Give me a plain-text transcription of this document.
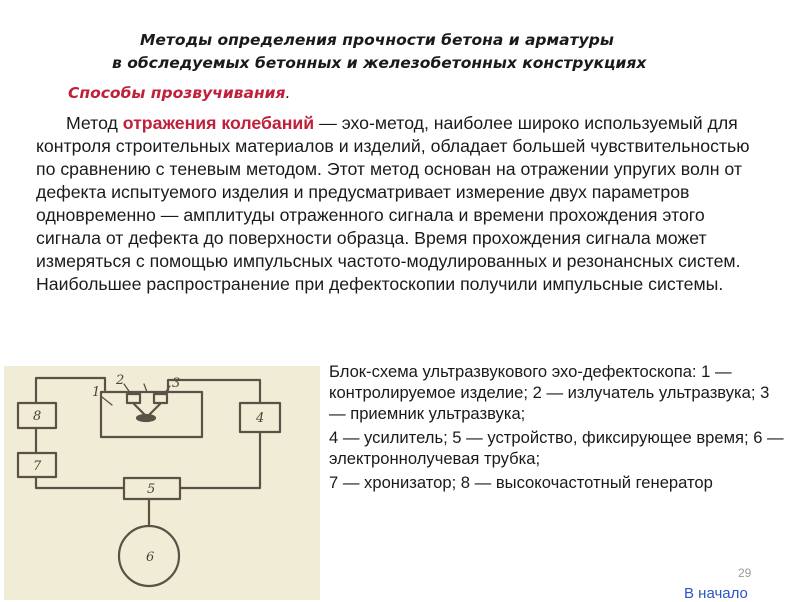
Методы определения прочности бетона и арматуры
в обследуемых бетонных и железобетонных конструкциях
Способы прозвучивания.
Метод отражения колебаний — эхо-метод, наиболее широко используемый для контроля строительных материалов и изделий, обладает большей чувствительностью по сравнению с теневым методом. Этот метод основан на отражении упругих волн от дефекта испытуемого изделия и предусматривает измерение двух параметров одновременно — амплитуды отраженного сигнала и времени прохождения этого сигнала от дефекта до поверхности образца. Время прохождения сигнала может измеряться с помощью импульсных частото-модулированных и резонансных систем. Наибольшее распространение при дефектоскопии получили импульсные системы.
1
2	3
4
5
6
7
8

Блок-схема ультразвукового эхо-дефектоскопа: 1 — контролируемое изделие; 2 — излучатель ультразвука; 3 — приемник ультразвука;

4 — усилитель; 5 — устройство, фиксирующее время; 6 — электроннолучевая трубка;

7 — хронизатор; 8 — высокочастотный генератор

29
В начало
